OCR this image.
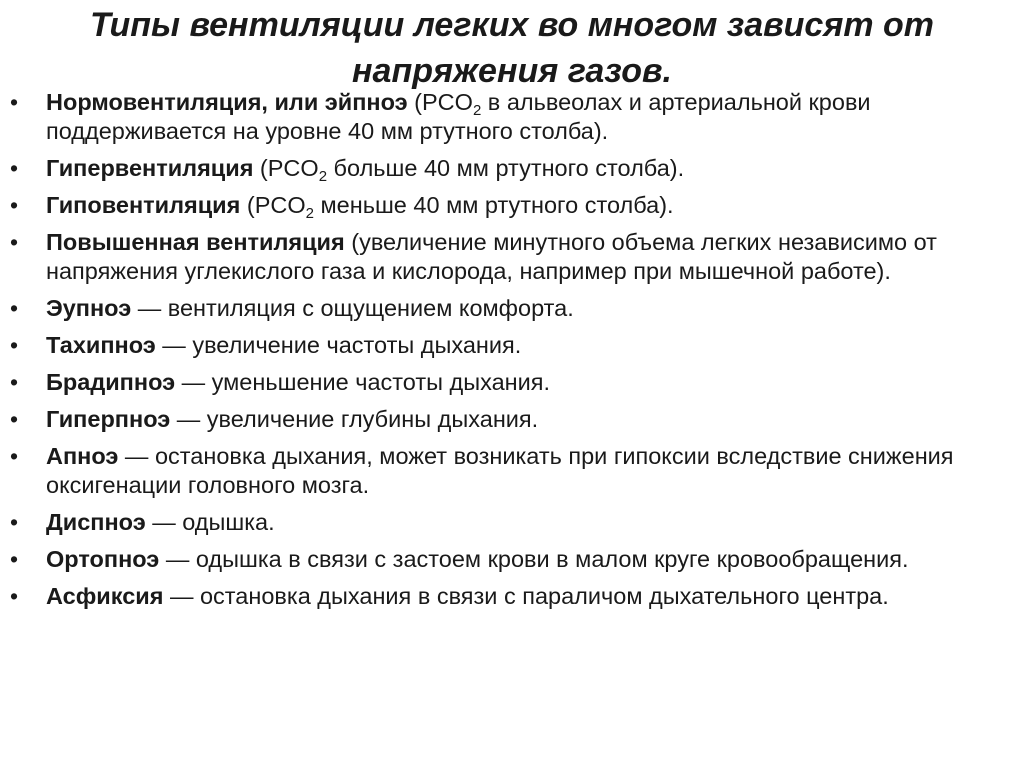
Типы вентиляции легких во многом зависят от
напряжения газов.
• Нормовентиляция, или эйпноэ ($PCO_2$ в альвеолах и артериальной крови поддерживается на уровне 40 мм ртутного столба).
• Гипервентиляция ($PCO_2$ больше 40 мм ртутного столба).
• Гиповентиляция ($PCO_2$ меньше 40 мм ртутного столба).
• Повышенная вентиляция (увеличение минутного объема легких независимо от напряжения углекислого газа и кислорода, например при мышечной работе).
• Эупноэ — вентиляция с ощущением комфорта.
• Тахипноэ — увеличение частоты дыхания.
• Брадипноэ — уменьшение частоты дыхания.
• Гиперпноэ — увеличение глубины дыхания.
• Апноэ — остановка дыхания, может возникать при гипоксии вследствие снижения оксигенации головного мозга.
• Диспноэ — одышка.
• Ортопноэ — одышка в связи с застоем крови в малом круге кровообращения.
• Асфиксия — остановка дыхания в связи с параличом дыхательного центра.
